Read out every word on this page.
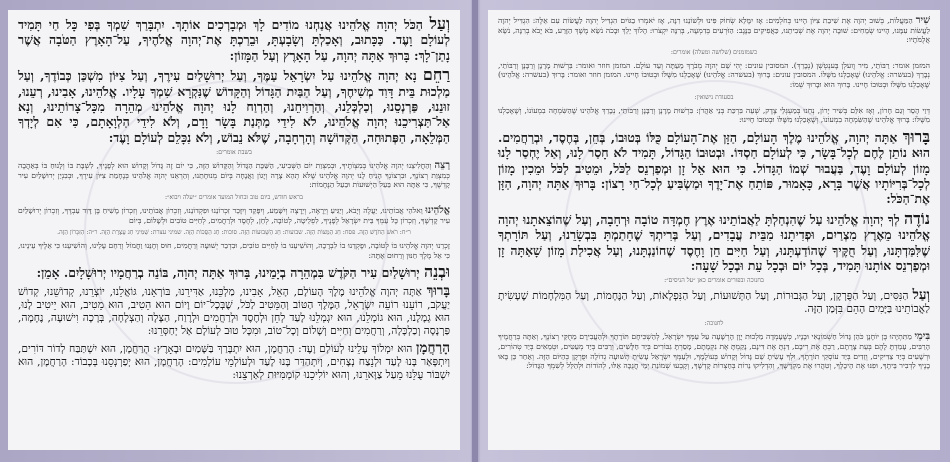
וְעַל הַכֹּל יְהוָה אֱלֹהֵינוּ אֲנַחְנוּ מוֹדִים לָךְ וּמְבָרְכִים אוֹתָךְ. יִתְבָּרַךְ שִׁמְךָ בְּפִי כָּל חַי תָּמִיד לְעוֹלָם וָעֶד. כַּכָּתוּב, וְאָכַלְתָּ וְשָׂבָעְתָּ, וּבֵרַכְתָּ אֶת־יְהוָה אֱלֹהֶיךָ, עַל־הָאָרֶץ הַטֹּבָה אֲשֶׁר נָתַן־לָךְ: בָּרוּךְ אַתָּה יְהוָה, עַל הָאָרֶץ וְעַל הַמָּזוֹן:

רַחֵם נָא יְהוָה אֱלֹהֵינוּ עַל יִשְׂרָאֵל עַמֶּךָ, וְעַל יְרוּשָׁלַיִם עִירֶךָ, וְעַל צִיּוֹן מִשְׁכַּן כְּבוֹדֶךָ, וְעַל מַלְכוּת בֵּית דָּוִד מְשִׁיחֶךָ, וְעַל הַבַּיִת הַגָּדוֹל וְהַקָּדוֹשׁ שֶׁנִּקְרָא שִׁמְךָ עָלָיו. אֱלֹהֵינוּ, אָבִינוּ, רְעֵנוּ, זוּנֵנוּ, פַּרְנְסֵנוּ, וְכַלְכְּלֵנוּ, וְהַרְוִיחֵנוּ, וְהַרְוַח לָנוּ יְהוָה אֱלֹהֵינוּ מְהֵרָה מִכָּל־צָרוֹתֵינוּ, וְנָא אַל־תַּצְרִיכֵנוּ יְהוָה אֱלֹהֵינוּ, לֹא לִידֵי מַתְּנַת בָּשָׂר וָדָם, וְלֹא לִידֵי הַלְוָאָתָם, כִּי אִם לְיָדְךָ הַמְּלֵאָה, הַפְּתוּחָה, הַקְּדוֹשָׁה וְהָרְחָבָה, שֶׁלֹּא נֵבוֹשׁ, וְלֹא נִכָּלֵם לְעוֹלָם וָעֶד:

בשבת אומרים:

רְצֵה וְהַחֲלִיצֵנוּ יְהוָה אֱלֹהֵינוּ בְּמִצְוֹתֶיךָ, וּבְמִצְוַת יוֹם הַשְּׁבִיעִי, הַשַּׁבָּת הַגָּדוֹל וְהַקָּדוֹשׁ הַזֶּה, כִּי יוֹם זֶה גָּדוֹל וְקָדוֹשׁ הוּא לְפָנֶיךָ, לִשְׁבָּת בּוֹ וְלָנוּחַ בּוֹ בְּאַהֲבָה כְּמִצְוַת רְצוֹנֶךָ, וּבִרְצוֹנְךָ הָנִיחַ לָנוּ יְהוָה אֱלֹהֵינוּ שֶׁלֹּא תְהֵא צָרָה וְיָגוֹן וַאֲנָחָה בְּיוֹם מְנוּחָתֵנוּ, וְהַרְאֵנוּ יְהוָה אֱלֹהֵינוּ בְּנֶחָמַת צִיּוֹן עִירֶךָ, וּבְבִנְיַן יְרוּשָׁלַיִם עִיר קָדְשֶׁךָ, כִּי אַתָּה הוּא בַּעַל הַיְשׁוּעוֹת וּבַעַל הַנֶּחָמוֹת:

בראש חודש, ביום טוב ובחול המועד אומרים ״יעלה ויבוא״:

אֱלֹהֵינוּ וֵאלֹהֵי אֲבוֹתֵינוּ, יַעֲלֶה וְיָבֹא, וְיַגִּיעַ וְיֵרָאֶה, וְיֵרָצֶה וְיִשָּׁמַע, וְיִפָּקֵד וְיִזָּכֵר זִכְרוֹנֵנוּ וּפִקְדוֹנֵנוּ, וְזִכְרוֹן אֲבוֹתֵינוּ, וְזִכְרוֹן מָשִׁיחַ בֶּן דָּוִד עַבְדֶּךָ, וְזִכְרוֹן יְרוּשָׁלַיִם עִיר קָדְשֶׁךָ, וְזִכְרוֹן כָּל עַמְּךָ בֵּית יִשְׂרָאֵל לְפָנֶיךָ, לִפְלֵיטָה, לְטוֹבָה, לְחֵן, לְחֶסֶד וּלְרַחֲמִים, לְחַיִּים טוֹבִים וּלְשָׁלוֹם, בְּיוֹם

ר״ח: רֹאשׁ הַחֹדֶשׁ הַזֶּה. פסח: חַג הַמַּצּוֹת הַזֶּה. שבועות: חַג הַשָּׁבוּעוֹת הַזֶּה. סוכות: חַג הַסֻּכּוֹת הַזֶּה. שמיני עצרת: שְׁמִינִי חַג עֲצֶרֶת הַזֶּה. ר״ה: הַזִּכָּרוֹן הַזֶּה.

זָכְרֵנוּ יְהוָה אֱלֹהֵינוּ בּוֹ לְטוֹבָה, וּפָקְדֵנוּ בוֹ לִבְרָכָה, וְהוֹשִׁיעֵנוּ בוֹ לְחַיִּים טוֹבִים, וּבִדְבַר יְשׁוּעָה וְרַחֲמִים, חוּס וְחָנֵּנוּ וַחֲמוֹל וְרַחֵם עָלֵינוּ, וְהוֹשִׁיעֵנוּ כִּי אֵלֶיךָ עֵינֵינוּ, כִּי אֵל מֶלֶךְ חַנּוּן וְרַחוּם אָתָּה:

וּבְנֵה יְרוּשָׁלַיִם עִיר הַקֹּדֶשׁ בִּמְהֵרָה בְיָמֵינוּ, בָּרוּךְ אַתָּה יְהוָה, בּוֹנֵה בְרַחֲמָיו יְרוּשָׁלָיִם. אָמֵן:

בָּרוּךְ אַתָּה יְהוָה אֱלֹהֵינוּ מֶלֶךְ הָעוֹלָם, הָאֵל, אָבִינוּ, מַלְכֵּנוּ, אַדִּירֵנוּ, בּוֹרְאֵנוּ, גּוֹאֲלֵנוּ, יוֹצְרֵנוּ, קְדוֹשֵׁנוּ, קְדוֹשׁ יַעֲקֹב, רוֹעֵנוּ רוֹעֵה יִשְׂרָאֵל, הַמֶּלֶךְ הַטּוֹב וְהַמֵּטִיב לַכֹּל, שֶׁבְּכָל־יוֹם וָיוֹם הוּא הֵטִיב, הוּא מֵטִיב, הוּא יֵיטִיב לָנוּ, הוּא גְמָלָנוּ, הוּא גוֹמְלֵנוּ, הוּא יִגְמְלֵנוּ לָעַד לְחֵן וּלְחֶסֶד וּלְרַחֲמִים וּלְרֶוַח, הַצָּלָה וְהַצְלָחָה, בְּרָכָה וִישׁוּעָה, נֶחָמָה, פַּרְנָסָה וְכַלְכָּלָה, וְרַחֲמִים וְחַיִּים וְשָׁלוֹם וְכָל־טוֹב, וּמִכָּל טוּב לְעוֹלָם אַל יְחַסְּרֵנוּ:

הָרַחֲמָן הוּא יִמְלוֹךְ עָלֵינוּ לְעוֹלָם וָעֶד: הָרַחֲמָן, הוּא יִתְבָּרַךְ בַּשָּׁמַיִם וּבָאָרֶץ: הָרַחֲמָן, הוּא יִשְׁתַּבַּח לְדוֹר דּוֹרִים, וְיִתְפָּאַר בָּנוּ לָעַד וּלְנֵצַח נְצָחִים, וְיִתְהַדַּר בָּנוּ לָעַד וּלְעוֹלְמֵי עוֹלָמִים: הָרַחֲמָן, הוּא יְפַרְנְסֵנוּ בְּכָבוֹד: הָרַחֲמָן, הוּא יִשְׁבּוֹר עֻלֵּנוּ מֵעַל צַוָּארֵנוּ, וְהוּא יוֹלִיכֵנוּ קוֹמְמִיּוּת לְאַרְצֵנוּ:

שִׁיר הַמַּעֲלוֹת, בְּשׁוּב יְהוָה אֶת שִׁיבַת צִיּוֹן הָיִינוּ כְּחֹלְמִים: אָז יִמָּלֵא שְׂחוֹק פִּינוּ וּלְשׁוֹנֵנוּ רִנָּה, אָז יֹאמְרוּ בַגּוֹיִם הִגְדִּיל יְהוָה לַעֲשׂוֹת עִם אֵלֶּה: הִגְדִּיל יְהוָה לַעֲשׂוֹת עִמָּנוּ, הָיִינוּ שְׂמֵחִים: שׁוּבָה יְהוָה אֶת שְׁבִיתֵנוּ, כַּאֲפִיקִים בַּנֶּגֶב: הַזֹּרְעִים בְּדִמְעָה, בְּרִנָּה יִקְצֹרוּ: הָלוֹךְ יֵלֵךְ וּבָכֹה נֹשֵׂא מֶשֶׁךְ הַזָּרַע, בֹּא יָבֹא בְרִנָּה, נֹשֵׂא אֲלֻמֹּתָיו:

כשמזמנים (שלושה ומעלה) אומרים:

המזמן אומר: רַבּוֹתַי, מִיר וֶועלְן בֶּענְטְשְׁן (נְבָרֵךְ). המסובין עונים: יְהִי שֵׁם יְהוָה מְבֹרָךְ מֵעַתָּה וְעַד עוֹלָם. המזמן חוזר ואומר: בִּרְשׁוּת מָרָנָן וְרַבָּנָן וְרַבּוֹתַי, נְבָרֵךְ (בעשרה: אֱלֹהֵינוּ) שֶׁאָכַלְנוּ מִשֶּׁלּוֹ. המסובין עונים: בָּרוּךְ (בעשרה: אֱלֹהֵינוּ) שֶׁאָכַלְנוּ מִשֶּׁלּוֹ וּבְטוּבוֹ חָיִינוּ. המזמן חוזר ואומר: בָּרוּךְ (בעשרה: אֱלֹהֵינוּ) שֶׁאָכַלְנוּ מִשֶּׁלּוֹ וּבְטוּבוֹ חָיִינוּ. בָּרוּךְ הוּא וּבָרוּךְ שְׁמוֹ:

בסעודת נישואין:

דְּוַי הָסֵר וְגַם חָרוֹן, וְאָז אִלֵּם בְּשִׁיר יָרוֹן, נְחֵנוּ בְּמַעְגְּלֵי צֶדֶק, שְׁעֵה בִּרְכַּת בְּנֵי אַהֲרֹן: בִּרְשׁוּת מָרָנָן וְרַבָּנָן וְרַבּוֹתַי, נְבָרֵךְ אֱלֹהֵינוּ שֶׁהַשִּׂמְחָה בִמְעוֹנוֹ, וְשֶׁאָכַלְנוּ מִשֶּׁלּוֹ: בָּרוּךְ אֱלֹהֵינוּ שֶׁהַשִּׂמְחָה בִמְעוֹנוֹ, וְשֶׁאָכַלְנוּ מִשֶּׁלּוֹ וּבְטוּבוֹ חָיִינוּ:

בָּרוּךְ אַתָּה יְהוָה, אֱלֹהֵינוּ מֶלֶךְ הָעוֹלָם, הַזָּן אֶת־הָעוֹלָם כֻּלּוֹ בְּטוּבוֹ, בְּחֵן, בְּחֶסֶד, וּבְרַחֲמִים. הוּא נוֹתֵן לֶחֶם לְכָל־בָּשָׂר, כִּי לְעוֹלָם חַסְדּוֹ. וּבְטוּבוֹ הַגָּדוֹל, תָּמִיד לֹא חָסַר לָנוּ, וְאַל יֶחְסַר לָנוּ מָזוֹן לְעוֹלָם וָעֶד, בַּעֲבוּר שְׁמוֹ הַגָּדוֹל. כִּי הוּא אֵל זָן וּמְפַרְנֵס לַכֹּל, וּמֵטִיב לַכֹּל וּמֵכִין מָזוֹן לְכָל־בְּרִיּוֹתָיו אֲשֶׁר בָּרָא, כָּאָמוּר, פּוֹתֵחַ אֶת־יָדֶךָ וּמַשְׂבִּיעַ לְכָל־חַי רָצוֹן: בָּרוּךְ אַתָּה יְהוָה, הַזָּן אֶת־הַכֹּל:

נוֹדֶה לְךָ יְהוָה אֱלֹהֵינוּ עַל שֶׁהִנְחַלְתָּ לַאֲבוֹתֵינוּ אֶרֶץ חֶמְדָּה טוֹבָה וּרְחָבָה, וְעַל שֶׁהוֹצֵאתָנוּ יְהוָה אֱלֹהֵינוּ מֵאֶרֶץ מִצְרַיִם, וּפְדִיתָנוּ מִבֵּית עֲבָדִים, וְעַל בְּרִיתְךָ שֶׁחָתַמְתָּ בִּבְשָׂרֵנוּ, וְעַל תּוֹרָתְךָ שֶׁלִּמַּדְתָּנוּ, וְעַל חֻקֶּיךָ שֶׁהוֹדַעְתָּנוּ, וְעַל חַיִּים חֵן וָחֶסֶד שֶׁחוֹנַנְתָּנוּ, וְעַל אֲכִילַת מָזוֹן שָׁאַתָּה זָן וּמְפַרְנֵס אוֹתָנוּ תָּמִיד, בְּכָל יוֹם וּבְכָל עֵת וּבְכָל שָׁעָה:

בחנוכה ובפורים אומרים כאן ״על הניסים״:

וְעַל הַנִּסִּים, וְעַל הַפֻּרְקָן, וְעַל הַגְּבוּרוֹת, וְעַל הַתְּשׁוּעוֹת, וְעַל הַנִּפְלָאוֹת, וְעַל הַנֶּחָמוֹת, וְעַל הַמִּלְחָמוֹת שֶׁעָשִׂיתָ לַאֲבוֹתֵינוּ בַּיָּמִים הָהֵם בִּזְּמַן הַזֶּה.

לחנוכה:

בִּימֵי מַתִּתְיָהוּ בֶּן יוֹחָנָן כֹּהֵן גָּדוֹל חַשְׁמוֹנָאִי וּבָנָיו, כְּשֶׁעָמְדָה מַלְכוּת יָוָן הָרְשָׁעָה עַל עַמְּךָ יִשְׂרָאֵל, לְהַשְׁכִּיחָם תּוֹרָתֶךָ וּלְהַעֲבִירָם מֵחֻקֵּי רְצוֹנֶךָ, וְאַתָּה בְּרַחֲמֶיךָ הָרַבִּים, עָמַדְתָּ לָהֶם בְּעֵת צָרָתָם, רַבְתָּ אֶת רִיבָם, דַּנְתָּ אֶת דִּינָם, נָקַמְתָּ אֶת נִקְמָתָם, מָסַרְתָּ גִבּוֹרִים בְּיַד חַלָּשִׁים, וְרַבִּים בְּיַד מְעַטִּים, וּטְמֵאִים בְּיַד טְהוֹרִים, וּרְשָׁעִים בְּיַד צַדִּיקִים, וְזֵדִים בְּיַד עוֹסְקֵי תוֹרָתֶךָ, וּלְךָ עָשִׂיתָ שֵׁם גָּדוֹל וְקָדוֹשׁ בְּעוֹלָמֶךָ, וּלְעַמְּךָ יִשְׂרָאֵל עָשִׂיתָ תְּשׁוּעָה גְדוֹלָה וּפֻרְקָן כְּהַיּוֹם הַזֶּה. וְאַחַר כֵּן בָּאוּ בָנֶיךָ לִדְבִיר בֵּיתֶךָ, וּפִנּוּ אֶת הֵיכָלֶךָ, וְטִהֲרוּ אֶת מִקְדָּשֶׁךָ, וְהִדְלִיקוּ נֵרוֹת בְּחַצְרוֹת קָדְשֶׁךָ, וְקָבְעוּ שְׁמוֹנַת יְמֵי חֲנֻכָּה אֵלּוּ, לְהוֹדוֹת וּלְהַלֵּל לְשִׁמְךָ הַגָּדוֹל:
